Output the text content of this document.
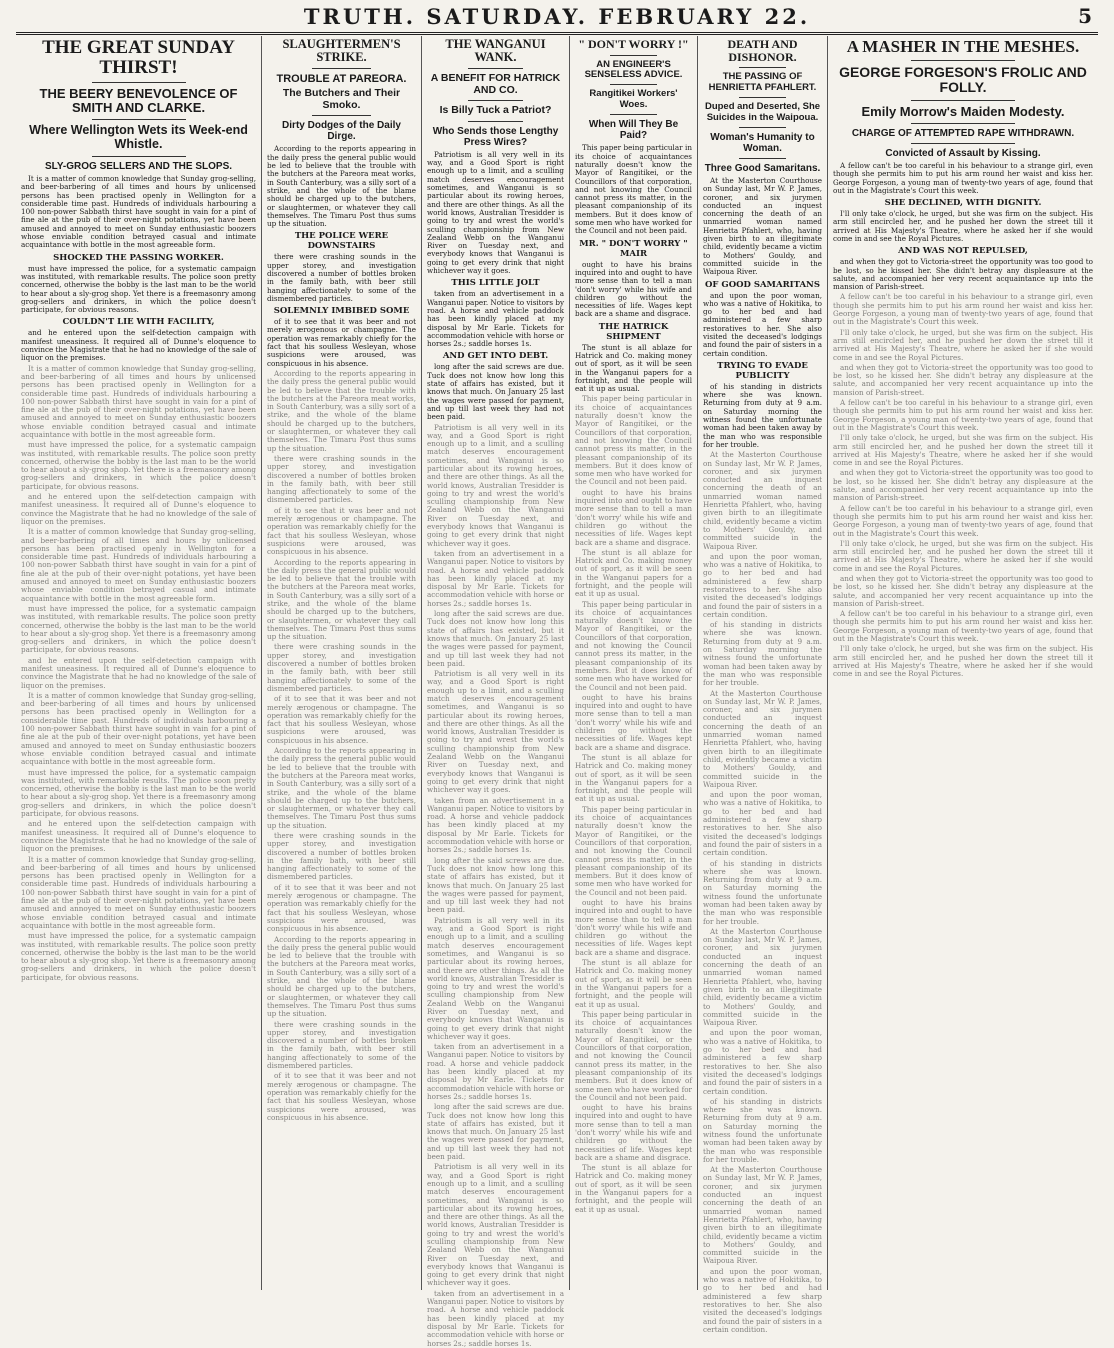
TRUTH. SATURDAY. FEBRUARY 22.	5
THE GREAT SUNDAY THIRST!
THE BEERY BENEVOLENCE OF SMITH AND CLARKE.
Where Wellington Wets its Week-end Whistle.
SLY-GROG SELLERS AND THE SLOPS.

It is a matter of common knowledge that Sunday grog-selling, and beer-barbering of all times and hours by unlicensed persons has been practised openly in Wellington for a considerable time past. Hundreds of individuals harbouring a 100 non-power Sabbath thirst have sought in vain for a pint of fine ale at the pub of their over-night potations, yet have been amused and annoyed to meet on Sunday enthusiastic boozers whose enviable condition betrayed casual and intimate acquaintance with bottle in the most agreeable form.

SHOCKED THE PASSING WORKER.

must have impressed the police, for a systematic campaign was instituted, with remarkable results. The police soon pretty concerned, otherwise the bobby is the last man to be the world to hear about a sly-grog shop. Yet there is a freemasonry among grog-sellers and drinkers, in which the police doesn't participate, for obvious reasons.

COULDN'T LIE WITH FACILITY,

and he entered upon the self-detection campaign with manifest uneasiness. It required all of Dunne's eloquence to convince the Magistrate that he had no knowledge of the sale of liquor on the premises.

It is a matter of common knowledge that Sunday grog-selling, and beer-barbering of all times and hours by unlicensed persons has been practised openly in Wellington for a considerable time past. Hundreds of individuals harbouring a 100 non-power Sabbath thirst have sought in vain for a pint of fine ale at the pub of their over-night potations, yet have been amused and annoyed to meet on Sunday enthusiastic boozers whose enviable condition betrayed casual and intimate acquaintance with bottle in the most agreeable form.

must have impressed the police, for a systematic campaign was instituted, with remarkable results. The police soon pretty concerned, otherwise the bobby is the last man to be the world to hear about a sly-grog shop. Yet there is a freemasonry among grog-sellers and drinkers, in which the police doesn't participate, for obvious reasons.

and he entered upon the self-detection campaign with manifest uneasiness. It required all of Dunne's eloquence to convince the Magistrate that he had no knowledge of the sale of liquor on the premises.

It is a matter of common knowledge that Sunday grog-selling, and beer-barbering of all times and hours by unlicensed persons has been practised openly in Wellington for a considerable time past. Hundreds of individuals harbouring a 100 non-power Sabbath thirst have sought in vain for a pint of fine ale at the pub of their over-night potations, yet have been amused and annoyed to meet on Sunday enthusiastic boozers whose enviable condition betrayed casual and intimate acquaintance with bottle in the most agreeable form.

must have impressed the police, for a systematic campaign was instituted, with remarkable results. The police soon pretty concerned, otherwise the bobby is the last man to be the world to hear about a sly-grog shop. Yet there is a freemasonry among grog-sellers and drinkers, in which the police doesn't participate, for obvious reasons.

and he entered upon the self-detection campaign with manifest uneasiness. It required all of Dunne's eloquence to convince the Magistrate that he had no knowledge of the sale of liquor on the premises.

It is a matter of common knowledge that Sunday grog-selling, and beer-barbering of all times and hours by unlicensed persons has been practised openly in Wellington for a considerable time past. Hundreds of individuals harbouring a 100 non-power Sabbath thirst have sought in vain for a pint of fine ale at the pub of their over-night potations, yet have been amused and annoyed to meet on Sunday enthusiastic boozers whose enviable condition betrayed casual and intimate acquaintance with bottle in the most agreeable form.

must have impressed the police, for a systematic campaign was instituted, with remarkable results. The police soon pretty concerned, otherwise the bobby is the last man to be the world to hear about a sly-grog shop. Yet there is a freemasonry among grog-sellers and drinkers, in which the police doesn't participate, for obvious reasons.

and he entered upon the self-detection campaign with manifest uneasiness. It required all of Dunne's eloquence to convince the Magistrate that he had no knowledge of the sale of liquor on the premises.

It is a matter of common knowledge that Sunday grog-selling, and beer-barbering of all times and hours by unlicensed persons has been practised openly in Wellington for a considerable time past. Hundreds of individuals harbouring a 100 non-power Sabbath thirst have sought in vain for a pint of fine ale at the pub of their over-night potations, yet have been amused and annoyed to meet on Sunday enthusiastic boozers whose enviable condition betrayed casual and intimate acquaintance with bottle in the most agreeable form.

must have impressed the police, for a systematic campaign was instituted, with remarkable results. The police soon pretty concerned, otherwise the bobby is the last man to be the world to hear about a sly-grog shop. Yet there is a freemasonry among grog-sellers and drinkers, in which the police doesn't participate, for obvious reasons.

SLAUGHTERMEN'S STRIKE.
TROUBLE AT PAREORA.
The Butchers and Their Smoko.
Dirty Dodges of the Daily Dirge.

According to the reports appearing in the daily press the general public would be led to believe that the trouble with the butchers at the Pareora meat works, in South Canterbury, was a silly sort of a strike, and the whole of the blame should be charged up to the butchers, or slaughtermen, or whatever they call themselves. The Timaru Post thus sums up the situation.

THE POLICE WERE DOWNSTAIRS

there were crashing sounds in the upper storey, and investigation discovered a number of bottles broken in the family bath, with beer still hanging affectionately to some of the dismembered particles.

SOLEMNLY IMBIBED SOME

of it to see that it was beer and not merely ærogenous or champagne. The operation was remarkably chiefly for the fact that his soulless Wesleyan, whose suspicions were aroused, was conspicuous in his absence.

According to the reports appearing in the daily press the general public would be led to believe that the trouble with the butchers at the Pareora meat works, in South Canterbury, was a silly sort of a strike, and the whole of the blame should be charged up to the butchers, or slaughtermen, or whatever they call themselves. The Timaru Post thus sums up the situation.

there were crashing sounds in the upper storey, and investigation discovered a number of bottles broken in the family bath, with beer still hanging affectionately to some of the dismembered particles.

of it to see that it was beer and not merely ærogenous or champagne. The operation was remarkably chiefly for the fact that his soulless Wesleyan, whose suspicions were aroused, was conspicuous in his absence.

According to the reports appearing in the daily press the general public would be led to believe that the trouble with the butchers at the Pareora meat works, in South Canterbury, was a silly sort of a strike, and the whole of the blame should be charged up to the butchers, or slaughtermen, or whatever they call themselves. The Timaru Post thus sums up the situation.

there were crashing sounds in the upper storey, and investigation discovered a number of bottles broken in the family bath, with beer still hanging affectionately to some of the dismembered particles.

of it to see that it was beer and not merely ærogenous or champagne. The operation was remarkably chiefly for the fact that his soulless Wesleyan, whose suspicions were aroused, was conspicuous in his absence.

According to the reports appearing in the daily press the general public would be led to believe that the trouble with the butchers at the Pareora meat works, in South Canterbury, was a silly sort of a strike, and the whole of the blame should be charged up to the butchers, or slaughtermen, or whatever they call themselves. The Timaru Post thus sums up the situation.

there were crashing sounds in the upper storey, and investigation discovered a number of bottles broken in the family bath, with beer still hanging affectionately to some of the dismembered particles.

of it to see that it was beer and not merely ærogenous or champagne. The operation was remarkably chiefly for the fact that his soulless Wesleyan, whose suspicions were aroused, was conspicuous in his absence.

According to the reports appearing in the daily press the general public would be led to believe that the trouble with the butchers at the Pareora meat works, in South Canterbury, was a silly sort of a strike, and the whole of the blame should be charged up to the butchers, or slaughtermen, or whatever they call themselves. The Timaru Post thus sums up the situation.

there were crashing sounds in the upper storey, and investigation discovered a number of bottles broken in the family bath, with beer still hanging affectionately to some of the dismembered particles.

of it to see that it was beer and not merely ærogenous or champagne. The operation was remarkably chiefly for the fact that his soulless Wesleyan, whose suspicions were aroused, was conspicuous in his absence.

THE WANGANUI WANK.
A BENEFIT FOR HATRICK AND CO.
Is Billy Tuck a Patriot?
Who Sends those Lengthy Press Wires?

Patriotism is all very well in its way, and a Good Sport is right enough up to a limit, and a sculling match deserves encouragement sometimes, and Wanganui is so particular about its rowing heroes, and there are other things. As all the world knows, Australian Tresidder is going to try and wrest the world's sculling championship from New Zealand Webb on the Wanganui River on Tuesday next, and everybody knows that Wanganui is going to get every drink that night whichever way it goes.

THIS LITTLE JOLT

taken from an advertisement in a Wanganui paper. Notice to visitors by road. A horse and vehicle paddock has been kindly placed at my disposal by Mr Earle. Tickets for accommodation vehicle with horse or horses 2s.; saddle horses 1s.

AND GET INTO DEBT.

long after the said screws are due. Tuck does not know how long this state of affairs has existed, but it knows that much. On January 25 last the wages were passed for payment, and up till last week they had not been paid.

Patriotism is all very well in its way, and a Good Sport is right enough up to a limit, and a sculling match deserves encouragement sometimes, and Wanganui is so particular about its rowing heroes, and there are other things. As all the world knows, Australian Tresidder is going to try and wrest the world's sculling championship from New Zealand Webb on the Wanganui River on Tuesday next, and everybody knows that Wanganui is going to get every drink that night whichever way it goes.

taken from an advertisement in a Wanganui paper. Notice to visitors by road. A horse and vehicle paddock has been kindly placed at my disposal by Mr Earle. Tickets for accommodation vehicle with horse or horses 2s.; saddle horses 1s.

long after the said screws are due. Tuck does not know how long this state of affairs has existed, but it knows that much. On January 25 last the wages were passed for payment, and up till last week they had not been paid.

Patriotism is all very well in its way, and a Good Sport is right enough up to a limit, and a sculling match deserves encouragement sometimes, and Wanganui is so particular about its rowing heroes, and there are other things. As all the world knows, Australian Tresidder is going to try and wrest the world's sculling championship from New Zealand Webb on the Wanganui River on Tuesday next, and everybody knows that Wanganui is going to get every drink that night whichever way it goes.

taken from an advertisement in a Wanganui paper. Notice to visitors by road. A horse and vehicle paddock has been kindly placed at my disposal by Mr Earle. Tickets for accommodation vehicle with horse or horses 2s.; saddle horses 1s.

long after the said screws are due. Tuck does not know how long this state of affairs has existed, but it knows that much. On January 25 last the wages were passed for payment, and up till last week they had not been paid.

Patriotism is all very well in its way, and a Good Sport is right enough up to a limit, and a sculling match deserves encouragement sometimes, and Wanganui is so particular about its rowing heroes, and there are other things. As all the world knows, Australian Tresidder is going to try and wrest the world's sculling championship from New Zealand Webb on the Wanganui River on Tuesday next, and everybody knows that Wanganui is going to get every drink that night whichever way it goes.

taken from an advertisement in a Wanganui paper. Notice to visitors by road. A horse and vehicle paddock has been kindly placed at my disposal by Mr Earle. Tickets for accommodation vehicle with horse or horses 2s.; saddle horses 1s.

long after the said screws are due. Tuck does not know how long this state of affairs has existed, but it knows that much. On January 25 last the wages were passed for payment, and up till last week they had not been paid.

Patriotism is all very well in its way, and a Good Sport is right enough up to a limit, and a sculling match deserves encouragement sometimes, and Wanganui is so particular about its rowing heroes, and there are other things. As all the world knows, Australian Tresidder is going to try and wrest the world's sculling championship from New Zealand Webb on the Wanganui River on Tuesday next, and everybody knows that Wanganui is going to get every drink that night whichever way it goes.

taken from an advertisement in a Wanganui paper. Notice to visitors by road. A horse and vehicle paddock has been kindly placed at my disposal by Mr Earle. Tickets for accommodation vehicle with horse or horses 2s.; saddle horses 1s.

" DON'T WORRY !"
AN ENGINEER'S SENSELESS ADVICE.
Rangitikei Workers' Woes.
When Will They Be Paid?

This paper being particular in its choice of acquaintances naturally doesn't know the Mayor of Rangitikei, or the Councillors of that corporation, and not knowing the Council cannot press its matter, in the pleasant companionship of its members. But it does know of some men who have worked for the Council and not been paid.

MR. " DON'T WORRY " MAIR

ought to have his brains inquired into and ought to have more sense than to tell a man 'don't worry' while his wife and children go without the necessities of life. Wages kept back are a shame and disgrace.

THE HATRICK SHIPMENT

The stunt is all ablaze for Hatrick and Co. making money out of sport, as it will be seen in the Wanganui papers for a fortnight, and the people will eat it up as usual.

This paper being particular in its choice of acquaintances naturally doesn't know the Mayor of Rangitikei, or the Councillors of that corporation, and not knowing the Council cannot press its matter, in the pleasant companionship of its members. But it does know of some men who have worked for the Council and not been paid.

ought to have his brains inquired into and ought to have more sense than to tell a man 'don't worry' while his wife and children go without the necessities of life. Wages kept back are a shame and disgrace.

The stunt is all ablaze for Hatrick and Co. making money out of sport, as it will be seen in the Wanganui papers for a fortnight, and the people will eat it up as usual.

This paper being particular in its choice of acquaintances naturally doesn't know the Mayor of Rangitikei, or the Councillors of that corporation, and not knowing the Council cannot press its matter, in the pleasant companionship of its members. But it does know of some men who have worked for the Council and not been paid.

ought to have his brains inquired into and ought to have more sense than to tell a man 'don't worry' while his wife and children go without the necessities of life. Wages kept back are a shame and disgrace.

The stunt is all ablaze for Hatrick and Co. making money out of sport, as it will be seen in the Wanganui papers for a fortnight, and the people will eat it up as usual.

This paper being particular in its choice of acquaintances naturally doesn't know the Mayor of Rangitikei, or the Councillors of that corporation, and not knowing the Council cannot press its matter, in the pleasant companionship of its members. But it does know of some men who have worked for the Council and not been paid.

ought to have his brains inquired into and ought to have more sense than to tell a man 'don't worry' while his wife and children go without the necessities of life. Wages kept back are a shame and disgrace.

The stunt is all ablaze for Hatrick and Co. making money out of sport, as it will be seen in the Wanganui papers for a fortnight, and the people will eat it up as usual.

This paper being particular in its choice of acquaintances naturally doesn't know the Mayor of Rangitikei, or the Councillors of that corporation, and not knowing the Council cannot press its matter, in the pleasant companionship of its members. But it does know of some men who have worked for the Council and not been paid.

ought to have his brains inquired into and ought to have more sense than to tell a man 'don't worry' while his wife and children go without the necessities of life. Wages kept back are a shame and disgrace.

The stunt is all ablaze for Hatrick and Co. making money out of sport, as it will be seen in the Wanganui papers for a fortnight, and the people will eat it up as usual.

DEATH AND DISHONOR.
THE PASSING OF HENRIETTA PFAHLERT.
Duped and Deserted, She Suicides in the Waipoua.
Woman's Humanity to Woman.
Three Good Samaritans.

At the Masterton Courthouse on Sunday last, Mr W. P. James, coroner, and six jurymen conducted an inquest concerning the death of an unmarried woman named Henrietta Pfahlert, who, having given birth to an illegitimate child, evidently became a victim to Mothers' Gouldy, and committed suicide in the Waipoua River.

OF GOOD SAMARITANS

and upon the poor woman, who was a native of Hokitika, to go to her bed and had administered a few sharp restoratives to her. She also visited the deceased's lodgings and found the pair of sisters in a certain condition.

TRYING TO EVADE PUBLICITY

of his standing in districts where she was known. Returning from duty at 9 a.m. on Saturday morning the witness found the unfortunate woman had been taken away by the man who was responsible for her trouble.

At the Masterton Courthouse on Sunday last, Mr W. P. James, coroner, and six jurymen conducted an inquest concerning the death of an unmarried woman named Henrietta Pfahlert, who, having given birth to an illegitimate child, evidently became a victim to Mothers' Gouldy, and committed suicide in the Waipoua River.

and upon the poor woman, who was a native of Hokitika, to go to her bed and had administered a few sharp restoratives to her. She also visited the deceased's lodgings and found the pair of sisters in a certain condition.

of his standing in districts where she was known. Returning from duty at 9 a.m. on Saturday morning the witness found the unfortunate woman had been taken away by the man who was responsible for her trouble.

At the Masterton Courthouse on Sunday last, Mr W. P. James, coroner, and six jurymen conducted an inquest concerning the death of an unmarried woman named Henrietta Pfahlert, who, having given birth to an illegitimate child, evidently became a victim to Mothers' Gouldy, and committed suicide in the Waipoua River.

and upon the poor woman, who was a native of Hokitika, to go to her bed and had administered a few sharp restoratives to her. She also visited the deceased's lodgings and found the pair of sisters in a certain condition.

of his standing in districts where she was known. Returning from duty at 9 a.m. on Saturday morning the witness found the unfortunate woman had been taken away by the man who was responsible for her trouble.

At the Masterton Courthouse on Sunday last, Mr W. P. James, coroner, and six jurymen conducted an inquest concerning the death of an unmarried woman named Henrietta Pfahlert, who, having given birth to an illegitimate child, evidently became a victim to Mothers' Gouldy, and committed suicide in the Waipoua River.

and upon the poor woman, who was a native of Hokitika, to go to her bed and had administered a few sharp restoratives to her. She also visited the deceased's lodgings and found the pair of sisters in a certain condition.

of his standing in districts where she was known. Returning from duty at 9 a.m. on Saturday morning the witness found the unfortunate woman had been taken away by the man who was responsible for her trouble.

At the Masterton Courthouse on Sunday last, Mr W. P. James, coroner, and six jurymen conducted an inquest concerning the death of an unmarried woman named Henrietta Pfahlert, who, having given birth to an illegitimate child, evidently became a victim to Mothers' Gouldy, and committed suicide in the Waipoua River.

and upon the poor woman, who was a native of Hokitika, to go to her bed and had administered a few sharp restoratives to her. She also visited the deceased's lodgings and found the pair of sisters in a certain condition.

A MASHER IN THE MESHES.
GEORGE FORGESON'S FROLIC AND FOLLY.
Emily Morrow's Maiden Modesty.
CHARGE OF ATTEMPTED RAPE WITHDRAWN.
Convicted of Assault by Kissing.

A fellow can't be too careful in his behaviour to a strange girl, even though she permits him to put his arm round her waist and kiss her. George Forgeson, a young man of twenty-two years of age, found that out in the Magistrate's Court this week.

SHE DECLINED, WITH DIGNITY.

I'll only take o'clock, he urged, but she was firm on the subject. His arm still encircled her, and he pushed her down the street till it arrived at His Majesty's Theatre, where he asked her if she would come in and see the Royal Pictures.

AND WAS NOT REPULSED,

and when they got to Victoria-street the opportunity was too good to be lost, so he kissed her. She didn't betray any displeasure at the salute, and accompanied her very recent acquaintance up into the mansion of Parish-street.

A fellow can't be too careful in his behaviour to a strange girl, even though she permits him to put his arm round her waist and kiss her. George Forgeson, a young man of twenty-two years of age, found that out in the Magistrate's Court this week.

I'll only take o'clock, he urged, but she was firm on the subject. His arm still encircled her, and he pushed her down the street till it arrived at His Majesty's Theatre, where he asked her if she would come in and see the Royal Pictures.

and when they got to Victoria-street the opportunity was too good to be lost, so he kissed her. She didn't betray any displeasure at the salute, and accompanied her very recent acquaintance up into the mansion of Parish-street.

A fellow can't be too careful in his behaviour to a strange girl, even though she permits him to put his arm round her waist and kiss her. George Forgeson, a young man of twenty-two years of age, found that out in the Magistrate's Court this week.

I'll only take o'clock, he urged, but she was firm on the subject. His arm still encircled her, and he pushed her down the street till it arrived at His Majesty's Theatre, where he asked her if she would come in and see the Royal Pictures.

and when they got to Victoria-street the opportunity was too good to be lost, so he kissed her. She didn't betray any displeasure at the salute, and accompanied her very recent acquaintance up into the mansion of Parish-street.

A fellow can't be too careful in his behaviour to a strange girl, even though she permits him to put his arm round her waist and kiss her. George Forgeson, a young man of twenty-two years of age, found that out in the Magistrate's Court this week.

I'll only take o'clock, he urged, but she was firm on the subject. His arm still encircled her, and he pushed her down the street till it arrived at His Majesty's Theatre, where he asked her if she would come in and see the Royal Pictures.

and when they got to Victoria-street the opportunity was too good to be lost, so he kissed her. She didn't betray any displeasure at the salute, and accompanied her very recent acquaintance up into the mansion of Parish-street.

A fellow can't be too careful in his behaviour to a strange girl, even though she permits him to put his arm round her waist and kiss her. George Forgeson, a young man of twenty-two years of age, found that out in the Magistrate's Court this week.

I'll only take o'clock, he urged, but she was firm on the subject. His arm still encircled her, and he pushed her down the street till it arrived at His Majesty's Theatre, where he asked her if she would come in and see the Royal Pictures.
